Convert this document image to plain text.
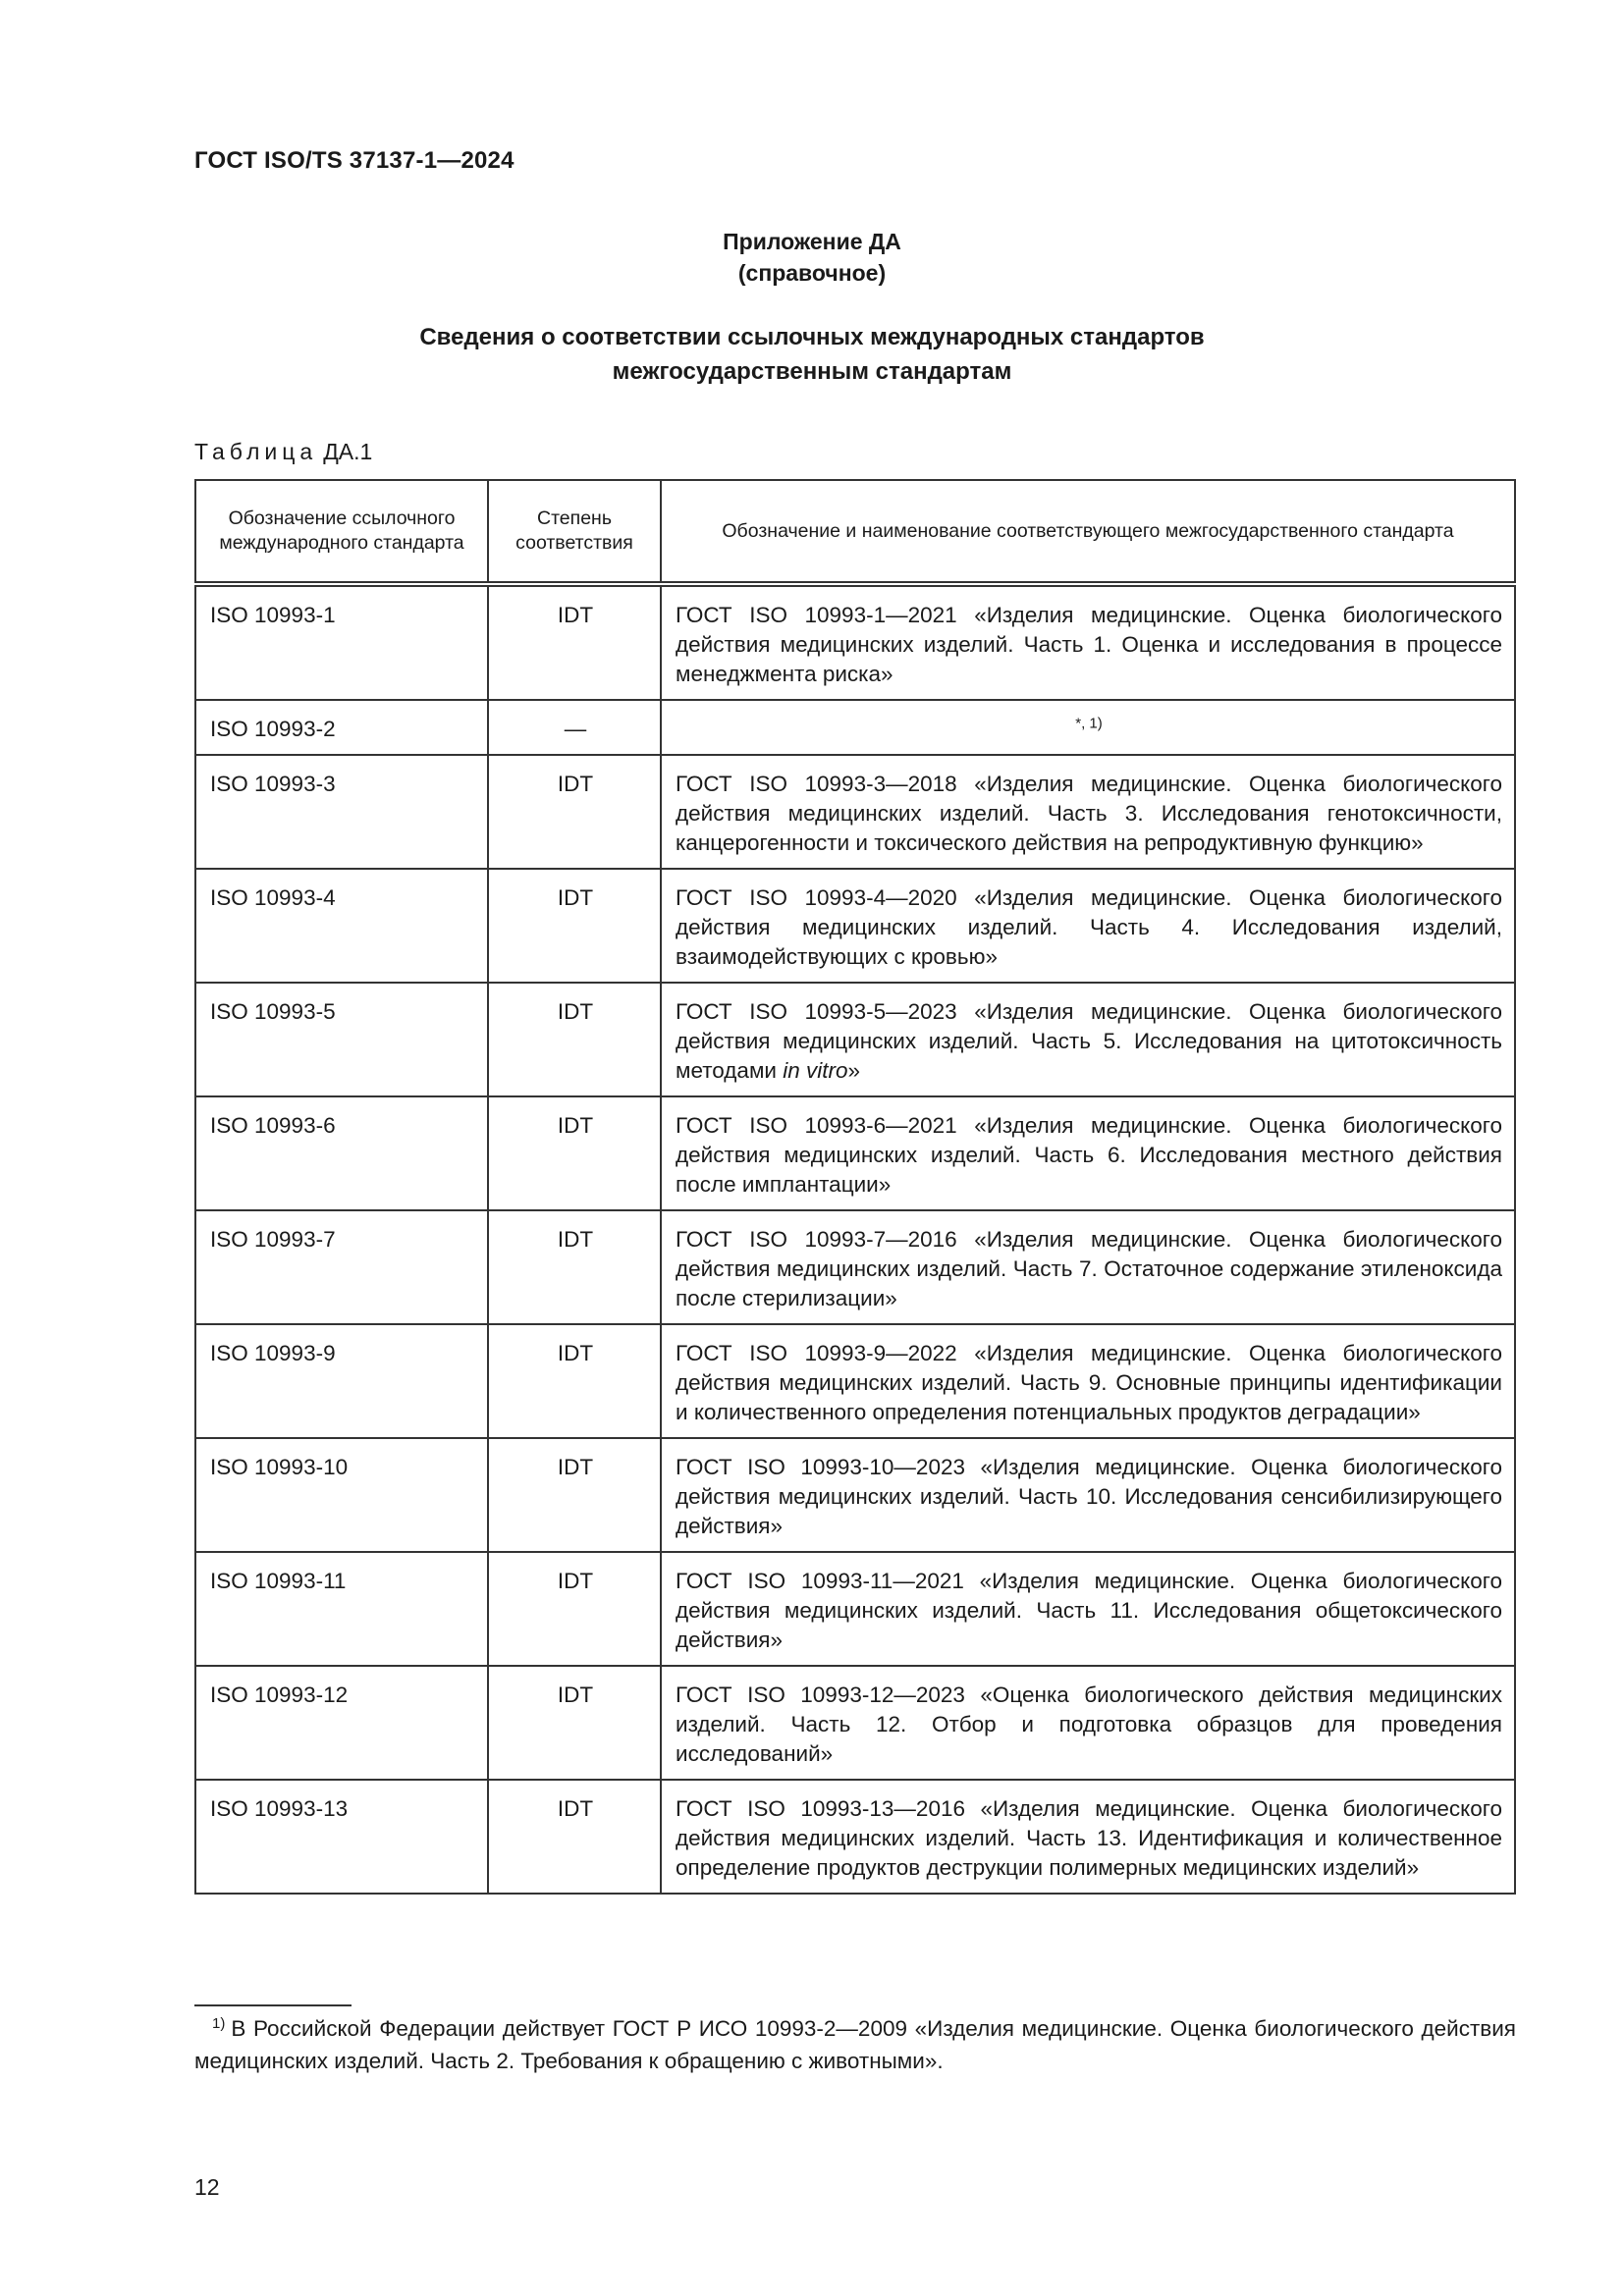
ГОСТ ISO/TS 37137-1—2024
Приложение ДА
(справочное)
Сведения о соответствии ссылочных международных стандартов
межгосударственным стандартам
Таблица ДА.1
Обозначение ссылочного международного стандарта	Степень соответствия	Обозначение и наименование соответствующего межгосударственного стандарта
ISO 10993-1	IDT	ГОСТ ISO 10993-1—2021 «Изделия медицинские. Оценка биологического действия медицинских изделий. Часть 1. Оценка и исследования в процессе менеджмента риска»
ISO 10993-2	—	$^{*, 1)}$
ISO 10993-3	IDT	ГОСТ ISO 10993-3—2018 «Изделия медицинские. Оценка биологического действия медицинских изделий. Часть 3. Исследования генотоксичности, канцерогенности и токсического действия на репродуктивную функцию»
ISO 10993-4	IDT	ГОСТ ISO 10993-4—2020 «Изделия медицинские. Оценка биологического действия медицинских изделий. Часть 4. Исследования изделий, взаимодействующих с кровью»
ISO 10993-5	IDT	ГОСТ ISO 10993-5—2023 «Изделия медицинские. Оценка биологического действия медицинских изделий. Часть 5. Исследования на цитотоксичность методами in vitro»
ISO 10993-6	IDT	ГОСТ ISO 10993-6—2021 «Изделия медицинские. Оценка биологического действия медицинских изделий. Часть 6. Исследования местного действия после имплантации»
ISO 10993-7	IDT	ГОСТ ISO 10993-7—2016 «Изделия медицинские. Оценка биологического действия медицинских изделий. Часть 7. Остаточное содержание этиленоксида после стерилизации»
ISO 10993-9	IDT	ГОСТ ISO 10993-9—2022 «Изделия медицинские. Оценка биологического действия медицинских изделий. Часть 9. Основные принципы идентификации и количественного определения потенциальных продуктов деградации»
ISO 10993-10	IDT	ГОСТ ISO 10993-10—2023 «Изделия медицинские. Оценка биологического действия медицинских изделий. Часть 10. Исследования сенсибилизирующего действия»
ISO 10993-11	IDT	ГОСТ ISO 10993-11—2021 «Изделия медицинские. Оценка биологического действия медицинских изделий. Часть 11. Исследования общетоксического действия»
ISO 10993-12	IDT	ГОСТ ISO 10993-12—2023 «Оценка биологического действия медицинских изделий. Часть 12. Отбор и подготовка образцов для проведения исследований»
ISO 10993-13	IDT	ГОСТ ISO 10993-13—2016 «Изделия медицинские. Оценка биологического действия медицинских изделий. Часть 13. Идентификация и количественное определение продуктов деструкции полимерных медицинских изделий»
$^{1)}$ В Российской Федерации действует ГОСТ Р ИСО 10993-2—2009 «Изделия медицинские. Оценка биологического действия медицинских изделий. Часть 2. Требования к обращению с животными».
12
